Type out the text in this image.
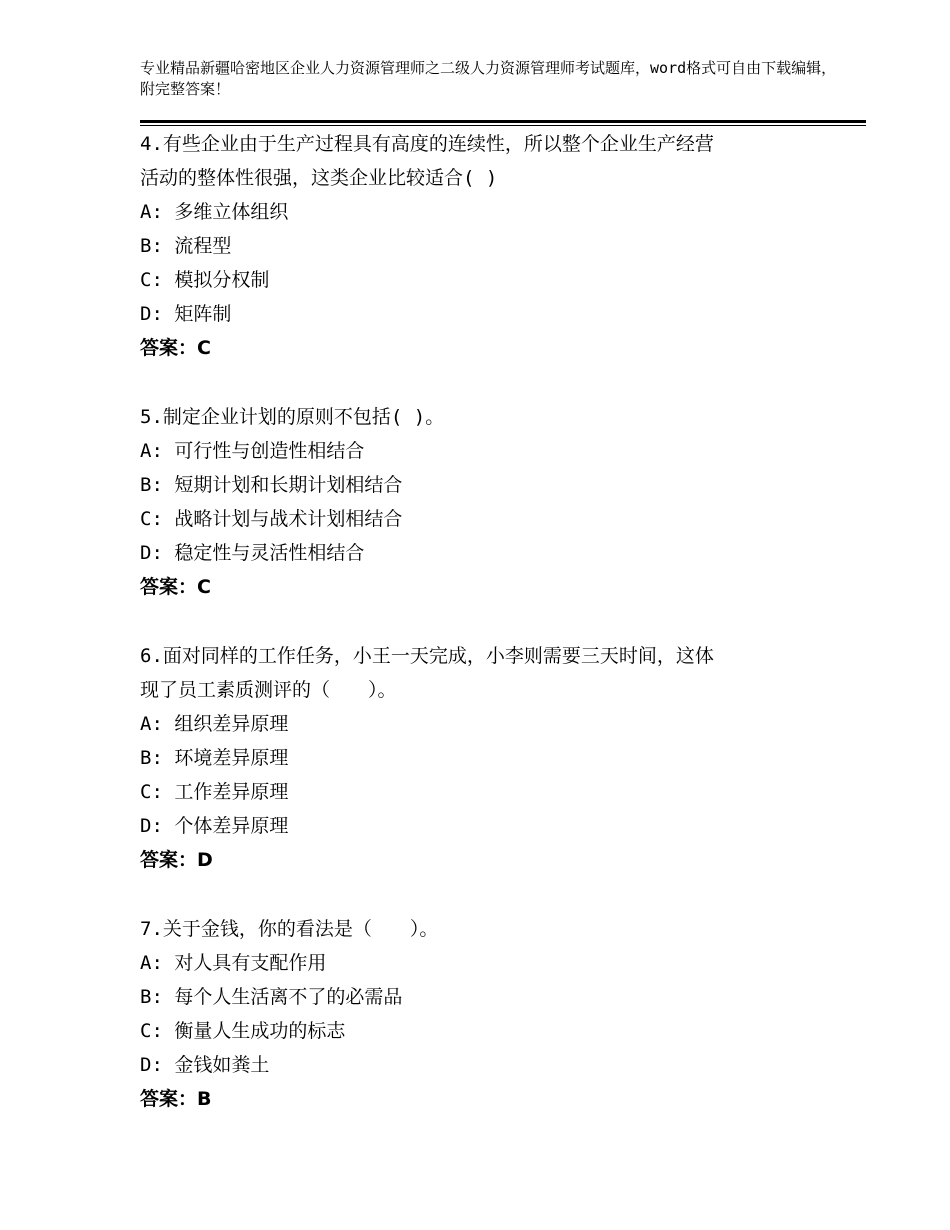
专业精品新疆哈密地区企业人力资源管理师之二级人力资源管理师考试题库，word格式可自由下载编辑，附完整答案！

4.有些企业由于生产过程具有高度的连续性，所以整个企业生产经营

活动的整体性很强，这类企业比较适合( )

A: 多维立体组织

B: 流程型

C: 模拟分权制

D: 矩阵制

答案：C

5.制定企业计划的原则不包括( )。

A: 可行性与创造性相结合

B: 短期计划和长期计划相结合

C: 战略计划与战术计划相结合

D: 稳定性与灵活性相结合

答案：C

6.面对同样的工作任务，小王一天完成，小李则需要三天时间，这体

现了员工素质测评的（　　）。

A: 组织差异原理

B: 环境差异原理

C: 工作差异原理

D: 个体差异原理

答案：D

7.关于金钱，你的看法是（　　）。

A: 对人具有支配作用

B: 每个人生活离不了的必需品

C: 衡量人生成功的标志

D: 金钱如粪土

答案：B
